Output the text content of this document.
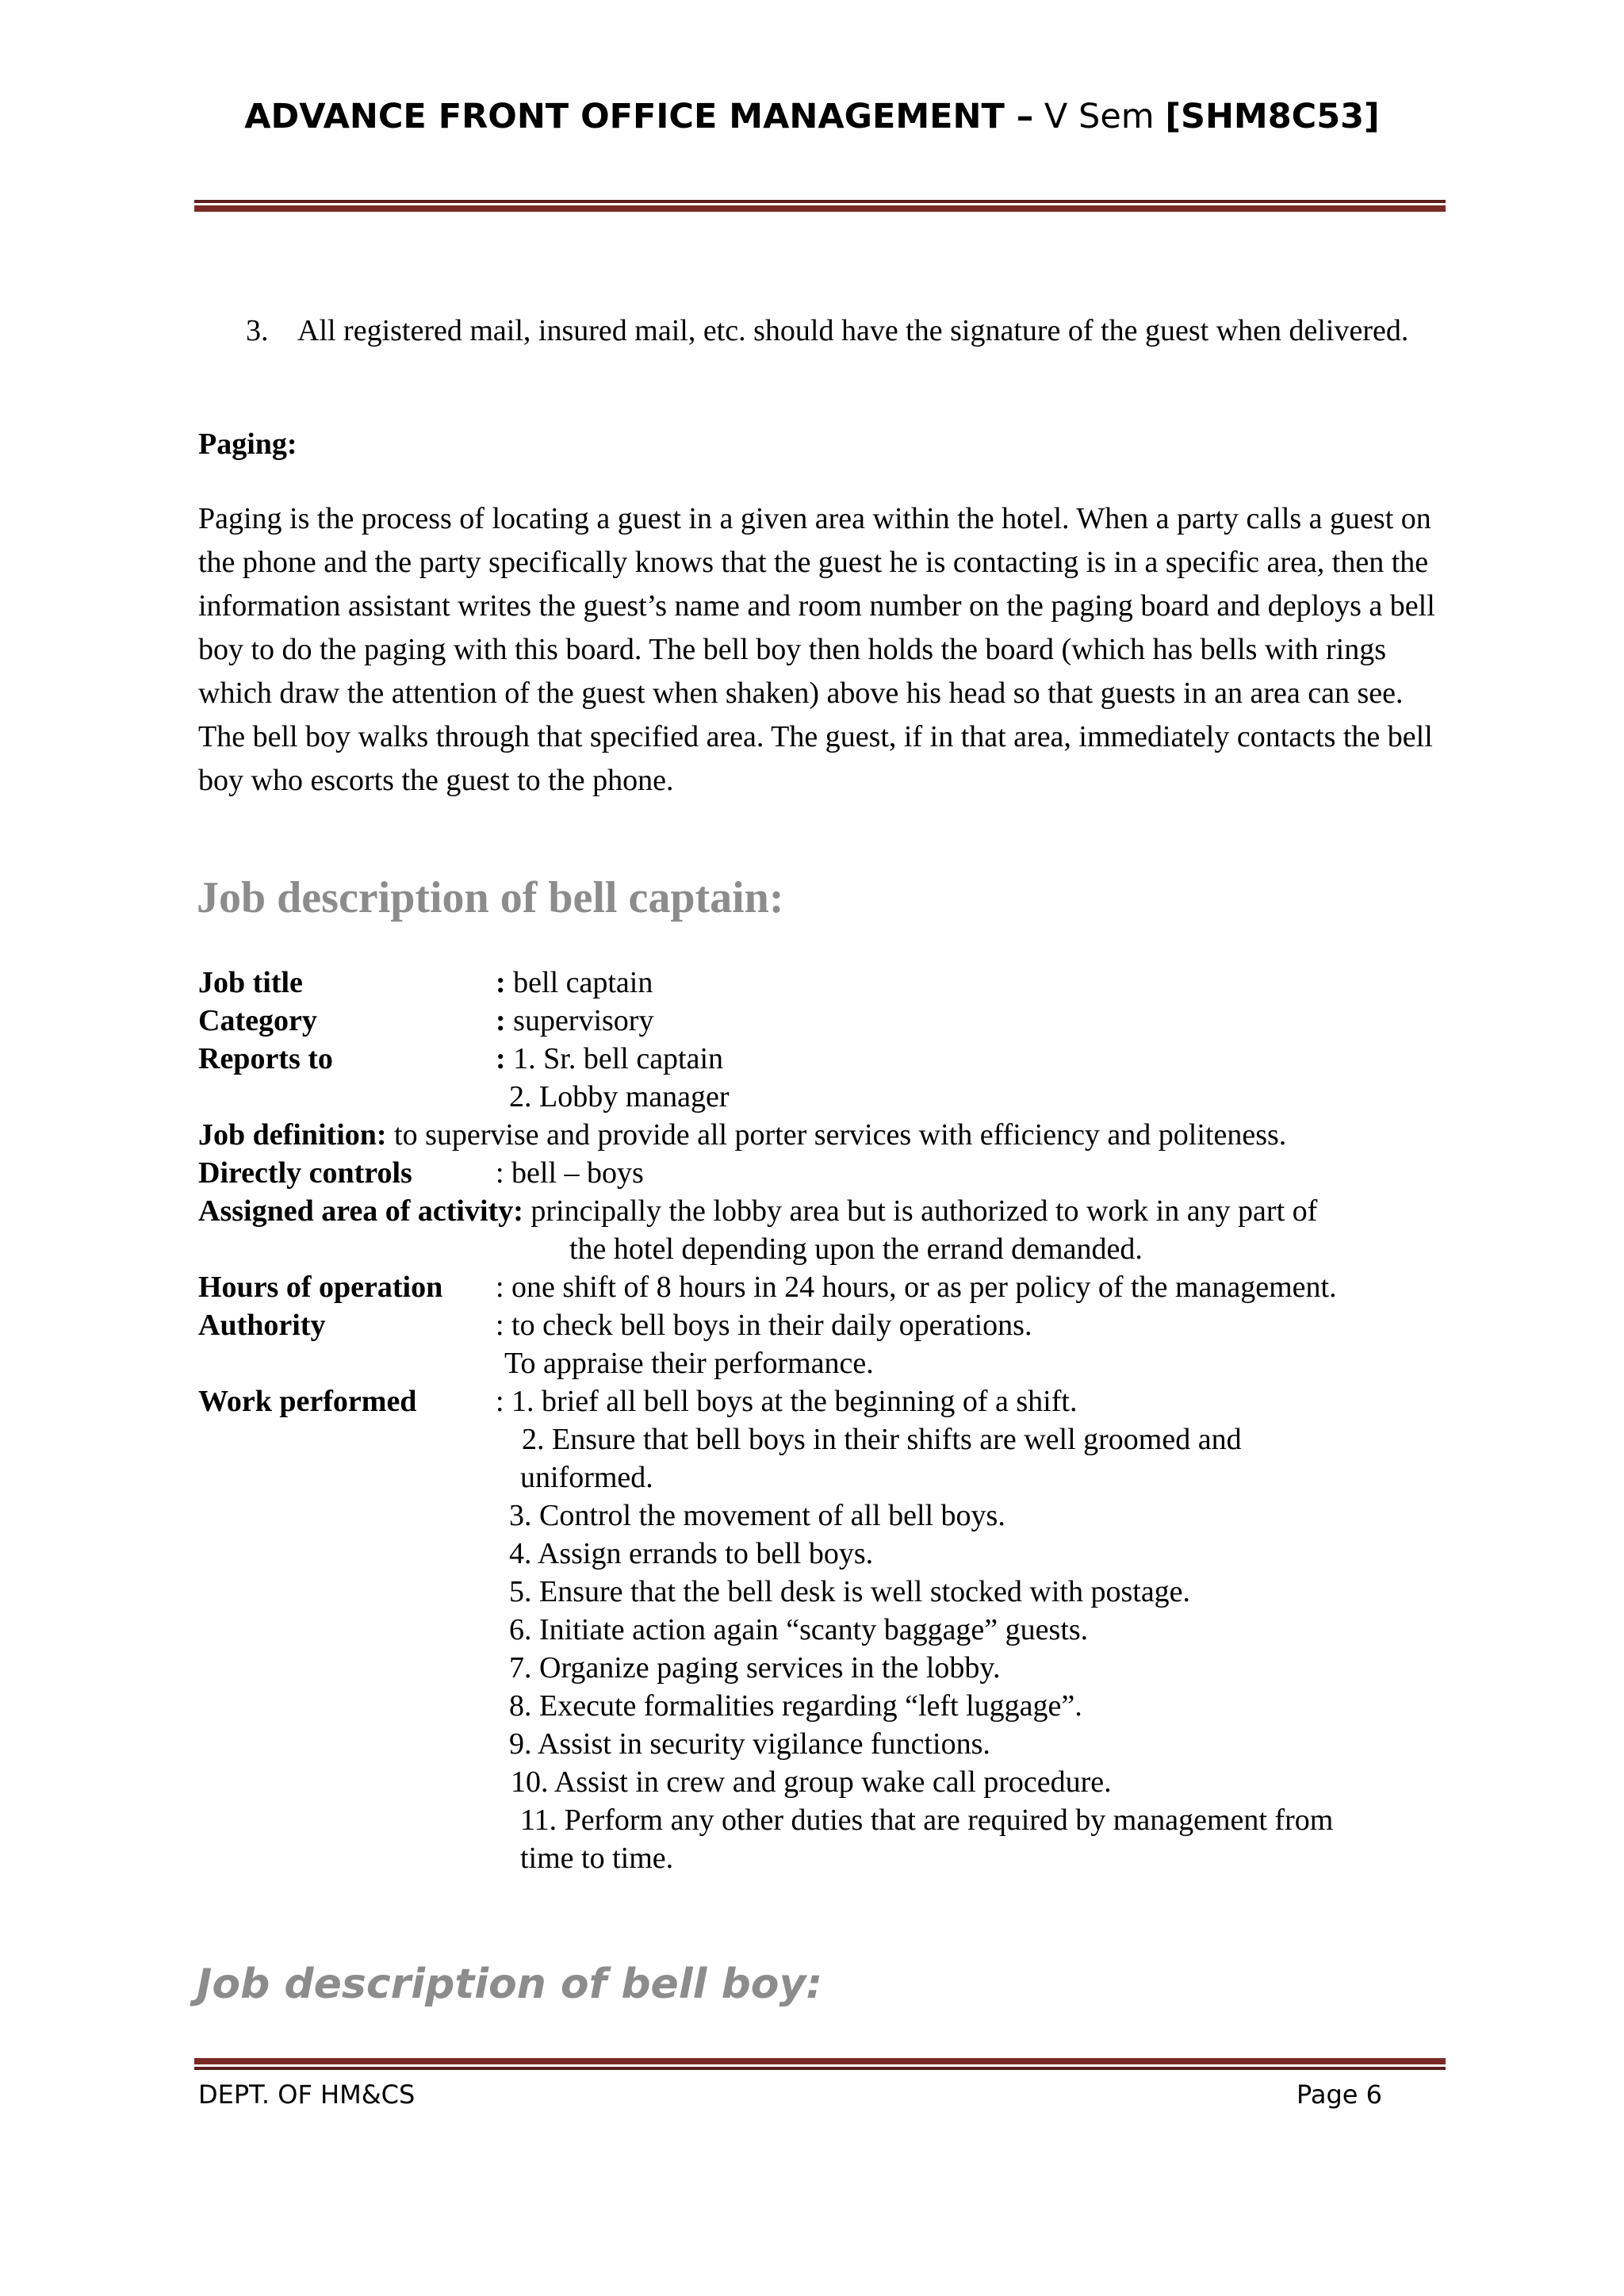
ADVANCE FRONT OFFICE MANAGEMENT – V Sem [SHM8C53]
3. All registered mail, insured mail, etc. should have the signature of the guest when delivered.
Paging:
Paging is the process of locating a guest in a given area within the hotel. When a party calls a guest on the phone and the party specifically knows that the guest he is contacting is in a specific area, then the information assistant writes the guest’s name and room number on the paging board and deploys a bell boy to do the paging with this board. The bell boy then holds the board (which has bells with rings which draw the attention of the guest when shaken) above his head so that guests in an area can see. The bell boy walks through that specified area. The guest, if in that area, immediately contacts the bell boy who escorts the guest to the phone.
Job description of bell captain:
Job title	: bell captain
Category	: supervisory
Reports to	: 1. Sr. bell captain
2. Lobby manager
Job definition: to supervise and provide all porter services with efficiency and politeness.
Directly controls	: bell – boys
Assigned area of activity: principally the lobby area but is authorized to work in any part of
the hotel depending upon the errand demanded.
Hours of operation : one shift of 8 hours in 24 hours, or as per policy of the management.
Authority	: to check bell boys in their daily operations.
To appraise their performance.
Work performed	: 1. brief all bell boys at the beginning of a shift.
2. Ensure that bell boys in their shifts are well groomed and
uniformed.
3. Control the movement of all bell boys.
4. Assign errands to bell boys.
5. Ensure that the bell desk is well stocked with postage.
6. Initiate action again “scanty baggage” guests.
7. Organize paging services in the lobby.
8. Execute formalities regarding “left luggage”.
9. Assist in security vigilance functions.
10. Assist in crew and group wake call procedure.
11. Perform any other duties that are required by management from
time to time.
Job description of bell boy:
DEPT. OF HM&CS	Page 6
